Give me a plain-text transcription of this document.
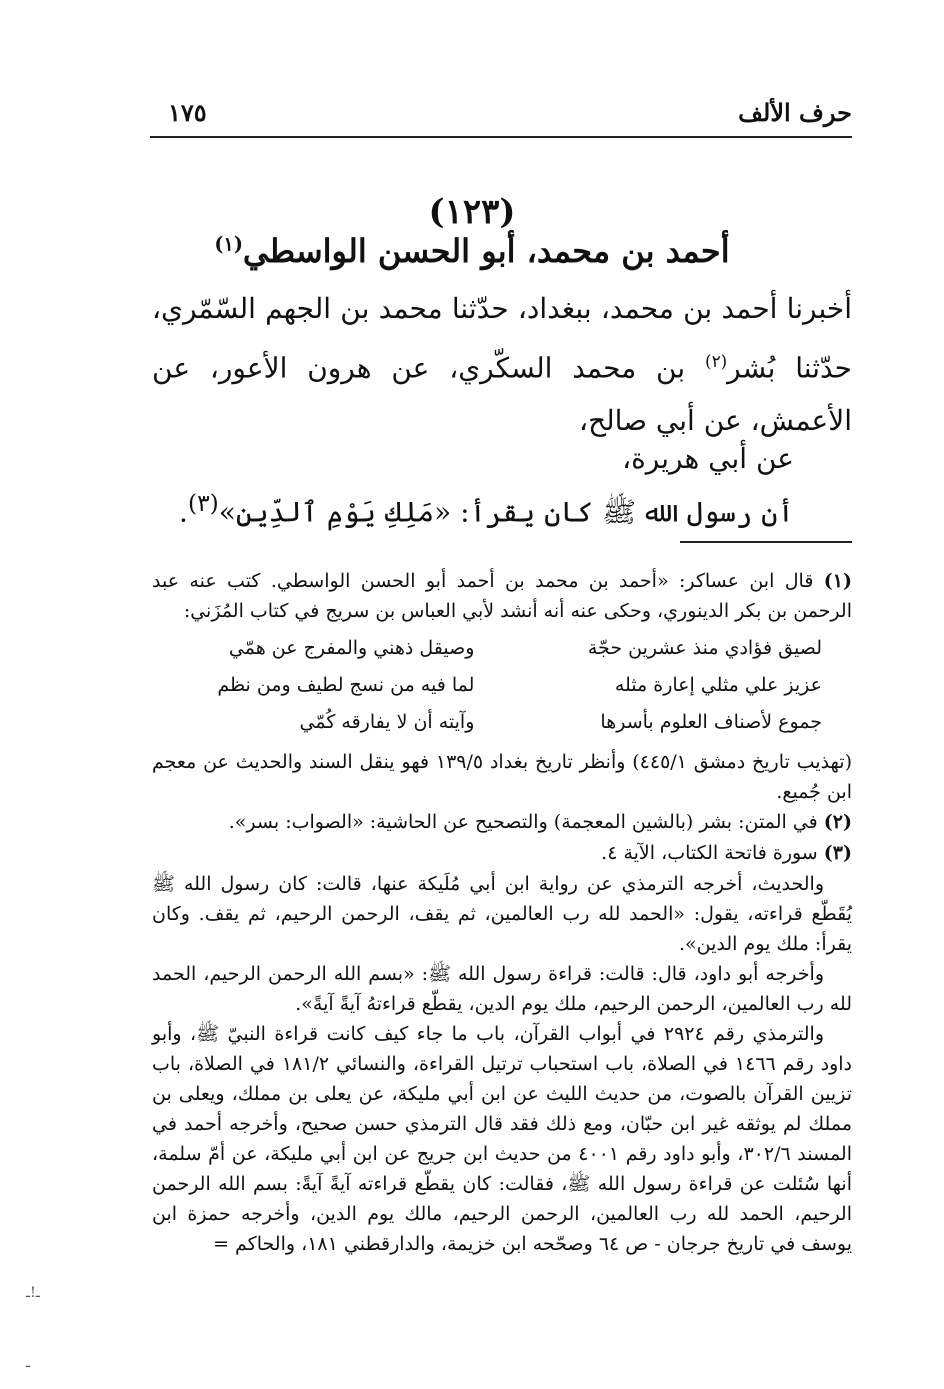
حرف الألف
١٧٥
(١٢٣)
أحمد بن محمد، أبو الحسن الواسطي$^{(١)}$

أخبرنا أحمد بن محمد، ببغداد، حدّثنا محمد بن الجهم السّمّري، حدّثنا بُشر$^{(٢)}$ بن محمد السكّري، عن هرون الأعور، عن الأعمش، عن أبي صالح،

عن أبي هريرة،

أن رسول الله ﷺ كان يقرأ: «مَلِكِ يَوْمِ ٱلدِّينِ»$^{(٣)}$.

(١) قال ابن عساكر: «أحمد بن محمد بن أحمد أبو الحسن الواسطي. كتب عنه عبد الرحمن بن بكر الدينوري، وحكى عنه أنه أنشد لأبي العباس بن سريج في كتاب المُزَني:

لصيق فؤادي منذ عشرين حجّة
وصيقل ذهني والمفرج عن همّي
عزيز علي مثلي إعارة مثله
لما فيه من نسج لطيف ومن نظم
جموع لأصناف العلوم بأسرها
وآيته أن لا يفارقه كُمّي

(تهذيب تاريخ دمشق ٤٤٥/١) وأنظر تاريخ بغداد ١٣٩/٥ فهو ينقل السند والحديث عن معجم ابن جُميع.

(٢) في المتن: بشر (بالشين المعجمة) والتصحيح عن الحاشية: «الصواب: بسر».

(٣) سورة فاتحة الكتاب، الآية ٤.

والحديث، أخرجه الترمذي عن رواية ابن أبي مُلَيكة عنها، قالت: كان رسول الله ﷺ يُقَطّع قراءته، يقول: «الحمد لله رب العالمين، ثم يقف، الرحمن الرحيم، ثم يقف. وكان يقرأ: ملك يوم الدين».

وأخرجه أبو داود، قال: قالت: قراءة رسول الله ﷺ: «بسم الله الرحمن الرحيم، الحمد لله رب العالمين، الرحمن الرحيم، ملك يوم الدين، يقطّع قراءتهُ آيةً آيةً».

والترمذي رقم ٢٩٢٤ في أبواب القرآن، باب ما جاء كيف كانت قراءة النبيّ ﷺ، وأبو داود رقم ١٤٦٦ في الصلاة، باب استحباب ترتيل القراءة، والنسائي ١٨١/٢ في الصلاة، باب تزيين القرآن بالصوت، من حديث الليث عن ابن أبي مليكة، عن يعلى بن مملك، ويعلى بن مملك لم يوثقه غير ابن حبّان، ومع ذلك فقد قال الترمذي حسن صحيح، وأخرجه أحمد في المسند ٣٠٢/٦، وأبو داود رقم ٤٠٠١ من حديث ابن جريج عن ابن أبي مليكة، عن أمّ سلمة، أنها سُئلت عن قراءة رسول الله ﷺ، فقالت: كان يقطّع قراءته آيةً آيةً: بسم الله الرحمن الرحيم، الحمد لله رب العالمين، الرحمن الرحيم، مالك يوم الدين، وأخرجه حمزة ابن يوسف في تاريخ جرجان - ص ٦٤ وصحّحه ابن خزيمة، والدارقطني ١٨١، والحاكم =

ـ!ـ
ـ
